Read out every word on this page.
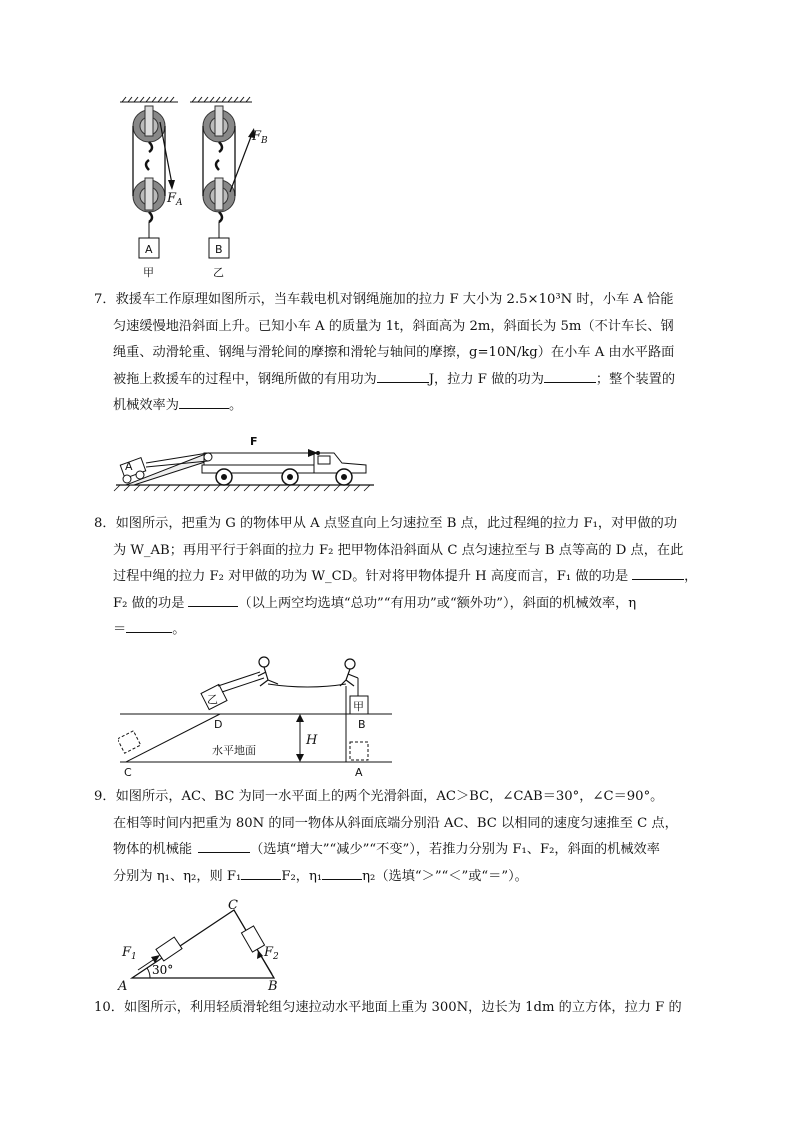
A
甲
$F_A$
B
乙
$F_B$
7．救援车工作原理如图所示，当车载电机对钢绳施加的拉力 F 大小为 2.5×10³N 时，小车 A 恰能
匀速缓慢地沿斜面上升。已知小车 A 的质量为 1t，斜面高为 2m，斜面长为 5m（不计车长、钢
绳重、动滑轮重、钢绳与滑轮间的摩擦和滑轮与轴间的摩擦，g=10N/kg）在小车 A 由水平路面
被拖上救援车的过程中，钢绳所做的有用功为	J，拉力 F 做的功为	；整个装置的
机械效率为	。
A
F
8．如图所示，把重为 G 的物体甲从 A 点竖直向上匀速拉至 B 点，此过程绳的拉力 F₁，对甲做的功
为 W_AB；再用平行于斜面的拉力 F₂ 把甲物体沿斜面从 C 点匀速拉至与 B 点等高的 D 点，在此
过程中绳的拉力 F₂ 对甲做的功为 W_CD。针对将甲物体提升 H 高度而言，F₁ 做的功是	，
F₂ 做的功是	（以上两空均选填“总功”“有用功”或“额外功”），斜面的机械效率，η
＝	。
乙
甲
H
D	B
水平地面
C	A
9．如图所示，AC、BC 为同一水平面上的两个光滑斜面，AC＞BC，∠CAB＝30°，∠C＝90°。
在相等时间内把重为 80N 的同一物体从斜面底端分别沿 AC、BC 以相同的速度匀速推至 C 点，
物体的机械能	（选填“增大”“减少”“不变”），若推力分别为 F₁、F₂，斜面的机械效率
分别为 η₁、η₂，则 F₁	F₂，η₁	η₂（选填“＞”“＜”或“＝”）。
C
$F_1$	$F_2$
30°
A	B
10．如图所示，利用轻质滑轮组匀速拉动水平地面上重为 300N，边长为 1dm 的立方体，拉力 F 的
